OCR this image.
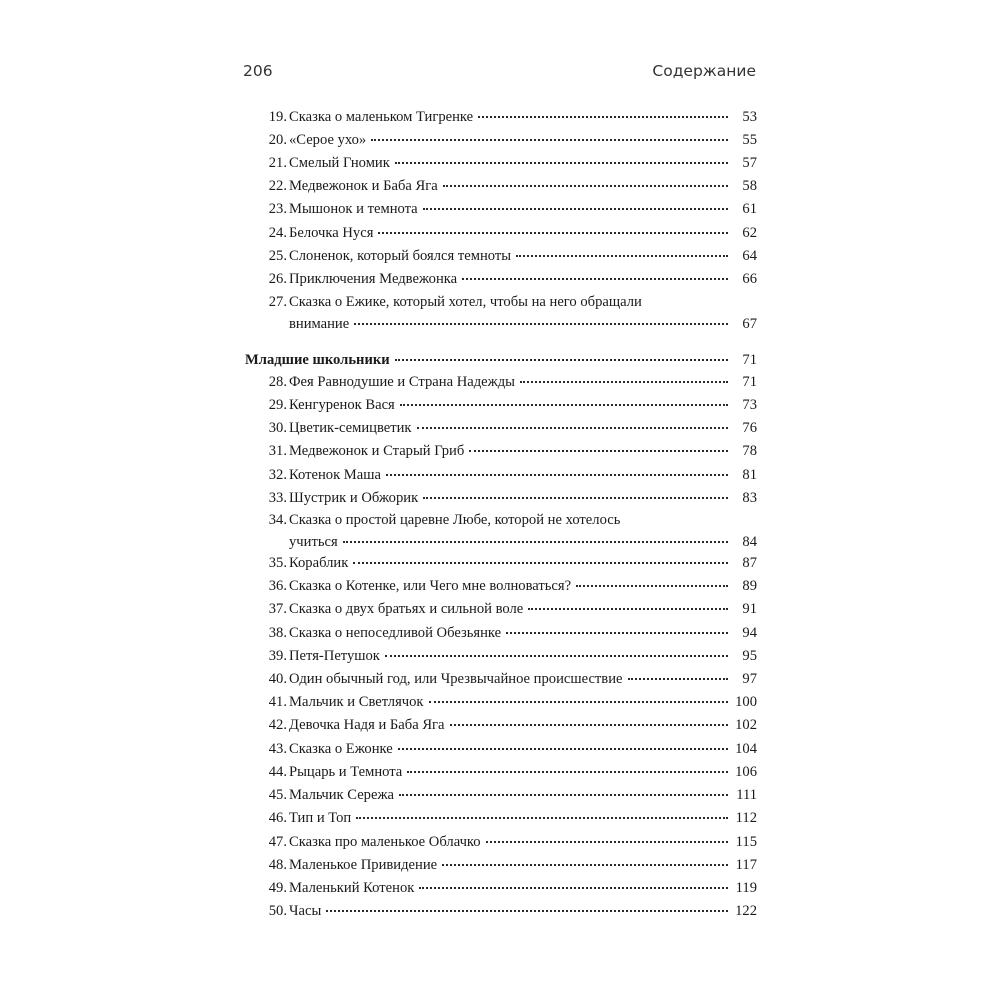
206	Содержание
19. Сказка о маленьком Тигренке	53
20. «Серое ухо»	55
21. Смелый Гномик	57
22. Медвежонок и Баба Яга	58
23. Мышонок и темнота	61
24. Белочка Нуся	62
25. Слоненок, который боялся темноты	64
26. Приключения Медвежонка	66
27. Сказка о Ежике, который хотел, чтобы на него обращали
внимание	67
Младшие школьники	71
28. Фея Равнодушие и Страна Надежды	71
29. Кенгуренок Вася	73
30. Цветик-семицветик	76
31. Медвежонок и Старый Гриб	78
32. Котенок Маша	81
33. Шустрик и Обжорик	83
34. Сказка о простой царевне Любе, которой не хотелось
учиться	84
35. Кораблик	87
36. Сказка о Котенке, или Чего мне волноваться?	89
37. Сказка о двух братьях и сильной воле	91
38. Сказка о непоседливой Обезьянке	94
39. Петя-Петушок	95
40. Один обычный год, или Чрезвычайное происшествие	97
41. Мальчик и Светлячок	100
42. Девочка Надя и Баба Яга	102
43. Сказка о Ежонке	104
44. Рыцарь и Темнота	106
45. Мальчик Сережа	111
46. Тип и Топ	112
47. Сказка про маленькое Облачко	115
48. Маленькое Привидение	117
49. Маленький Котенок	119
50. Часы	122
